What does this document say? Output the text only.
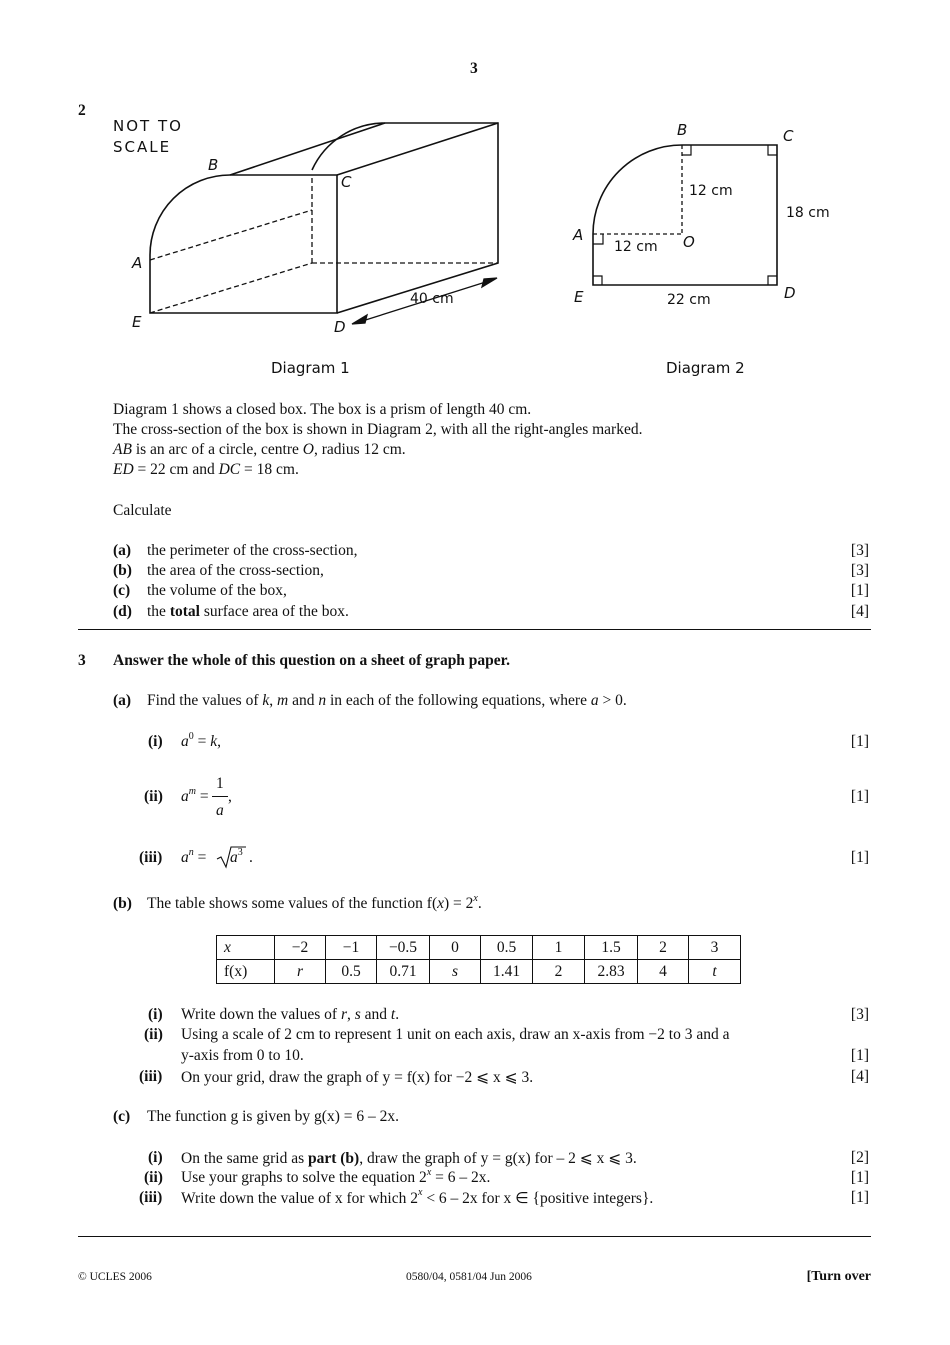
3
2
NOT TO
SCALE
B
C
A
E	D
40 cm
Diagram 1
B	C
A	O
E	D
12 cm
12 cm
18 cm
22 cm
Diagram 2
Diagram 1 shows a closed box. The box is a prism of length 40 cm.
The cross-section of the box is shown in Diagram 2, with all the right-angles marked.
AB is an arc of a circle, centre O, radius 12 cm.
ED = 22 cm and DC = 18 cm.
Calculate
(a) the perimeter of the cross-section,	[3]
(b) the area of the cross-section,	[3]
(c) the volume of the box,	[1]
(d) the total surface area of the box.	[4]
3 Answer the whole of this question on a sheet of graph paper.
(a) Find the values of k, m and n in each of the following equations, where a > 0.
(i) $a^0 = k$,	[1]
(ii) $a^m$ =
1
a
,	[1]
(iii) $a^n = a^3$ .	[1]
(b) The table shows some values of the function $f(x) = 2^x$.
x	−2	−1	−0.5	0	0.5	1	1.5	2	3
f(x)	r	0.5	0.71	s	1.41	2	2.83	4	t
(i) Write down the values of r, s and t.	[3]
(ii) Using a scale of 2 cm to represent 1 unit on each axis, draw an x-axis from −2 to 3 and a
y-axis from 0 to 10.	[1]
(iii) On your grid, draw the graph of y = f(x) for −2 ⩽ x ⩽ 3.	[4]
(c) The function g is given by g(x) = 6 – 2x.
(i) On the same grid as part (b), draw the graph of y = g(x) for – 2 ⩽ x ⩽ 3.	[2]
(ii) Use your graphs to solve the equation $2^x = 6 - 2x$.	[1]
(iii) Write down the value of x for which $2^x < 6 - 2x$ for x ∈ {positive integers}.	[1]
© UCLES 2006	0580/04, 0581/04 Jun 2006	[Turn over
